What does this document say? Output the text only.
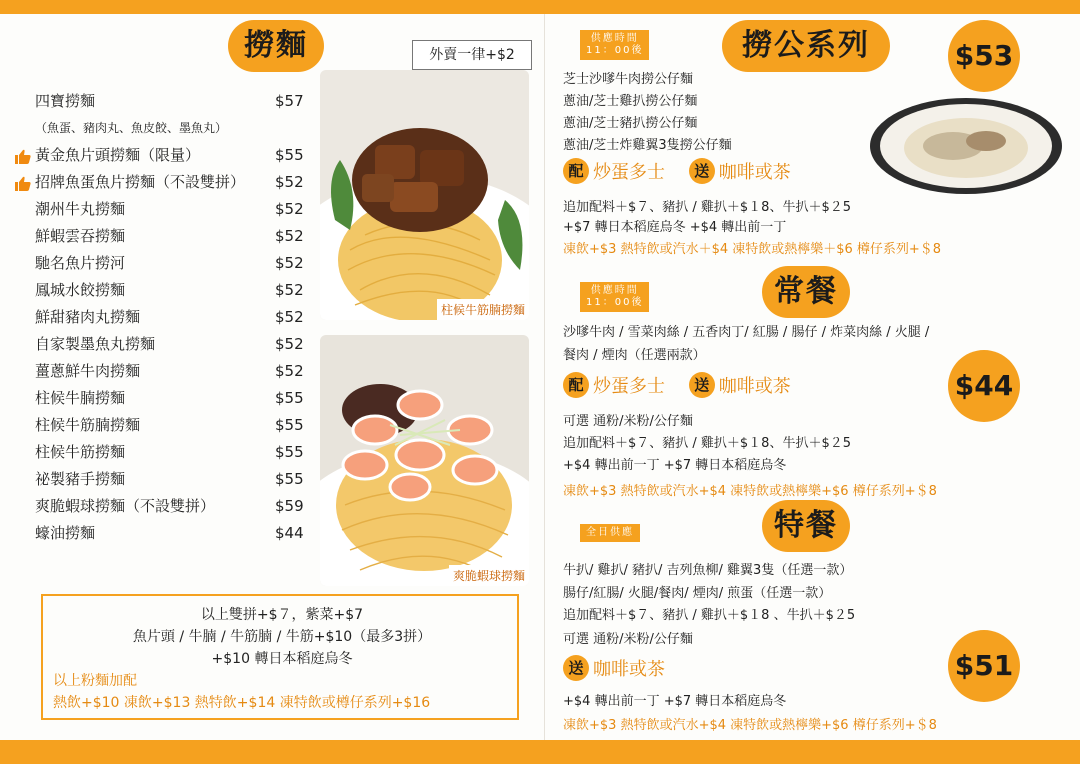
撈麵	外賣一律+$2
四寶撈麵	$57
（魚蛋、豬肉丸、魚皮餃、墨魚丸）
黃金魚片頭撈麵（限量）	$55
招牌魚蛋魚片撈麵（不設雙拼） $52
潮州牛丸撈麵	$52
鮮蝦雲吞撈麵	$52
馳名魚片撈河	$52
鳳城水餃撈麵	$52
鮮甜豬肉丸撈麵	$52
自家製墨魚丸撈麵	$52
薑蔥鮮牛肉撈麵	$52
柱候牛腩撈麵	$55
柱候牛筋腩撈麵	$55
柱候牛筋撈麵	$55
祕製豬手撈麵	$55
爽脆蝦球撈麵（不設雙拼）	$59
蠔油撈麵	$44
柱候牛筋腩撈麵
爽脆蝦球撈麵
以上雙拼+$７，紫菜+$7
魚片頭 / 牛腩 / 牛筋腩 / 牛筋+$10（最多3拼）
+$10 轉日本稻庭烏冬
以上粉麵加配
熱飲+$10 凍飲+$13 熱特飲+$14 凍特飲或樽仔系列+$16
供應時間
11：00後	撈公系列	$53
芝士沙嗲牛肉撈公仔麵
蔥油/芝士雞扒撈公仔麵
蔥油/芝士豬扒撈公仔麵
蔥油/芝士炸雞翼3隻撈公仔麵
配 炒蛋多士 送 咖啡或茶
追加配料＋$７、豬扒 / 雞扒＋$１8、牛扒＋$２5
+$7 轉日本稻庭烏冬 +$4 轉出前一丁
凍飲+$3 熱特飲或汽水＋$4 凍特飲或熱檸樂＋$6 樽仔系列+＄8
供應時間
11：00後	常餐
沙嗲牛肉 / 雪菜肉絲 / 五香肉丁/ 紅腸 / 腸仔 / 炸菜肉絲 / 火腿 /
餐肉 / 煙肉（任選兩款）
$44
配 炒蛋多士 送 咖啡或茶
可選 通粉/米粉/公仔麵
追加配料＋$７、豬扒 / 雞扒＋$１8、牛扒＋$２5
+$4 轉出前一丁 +$7 轉日本稻庭烏冬
凍飲+$3 熱特飲或汽水+$4 凍特飲或熱檸樂+$6 樽仔系列+＄8
全日供應	特餐
牛扒/ 雞扒/ 豬扒/ 吉列魚柳/ 雞翼3隻（任選一款）
腸仔/紅腸/ 火腿/餐肉/ 煙肉/ 煎蛋（任選一款）
追加配料＋$７、豬扒 / 雞扒＋$１8 、牛扒＋$２5
可選 通粉/米粉/公仔麵
$51
送 咖啡或茶
+$4 轉出前一丁 +$7 轉日本稻庭烏冬
凍飲+$3 熱特飲或汽水+$4 凍特飲或熱檸樂+$6 樽仔系列+＄8
